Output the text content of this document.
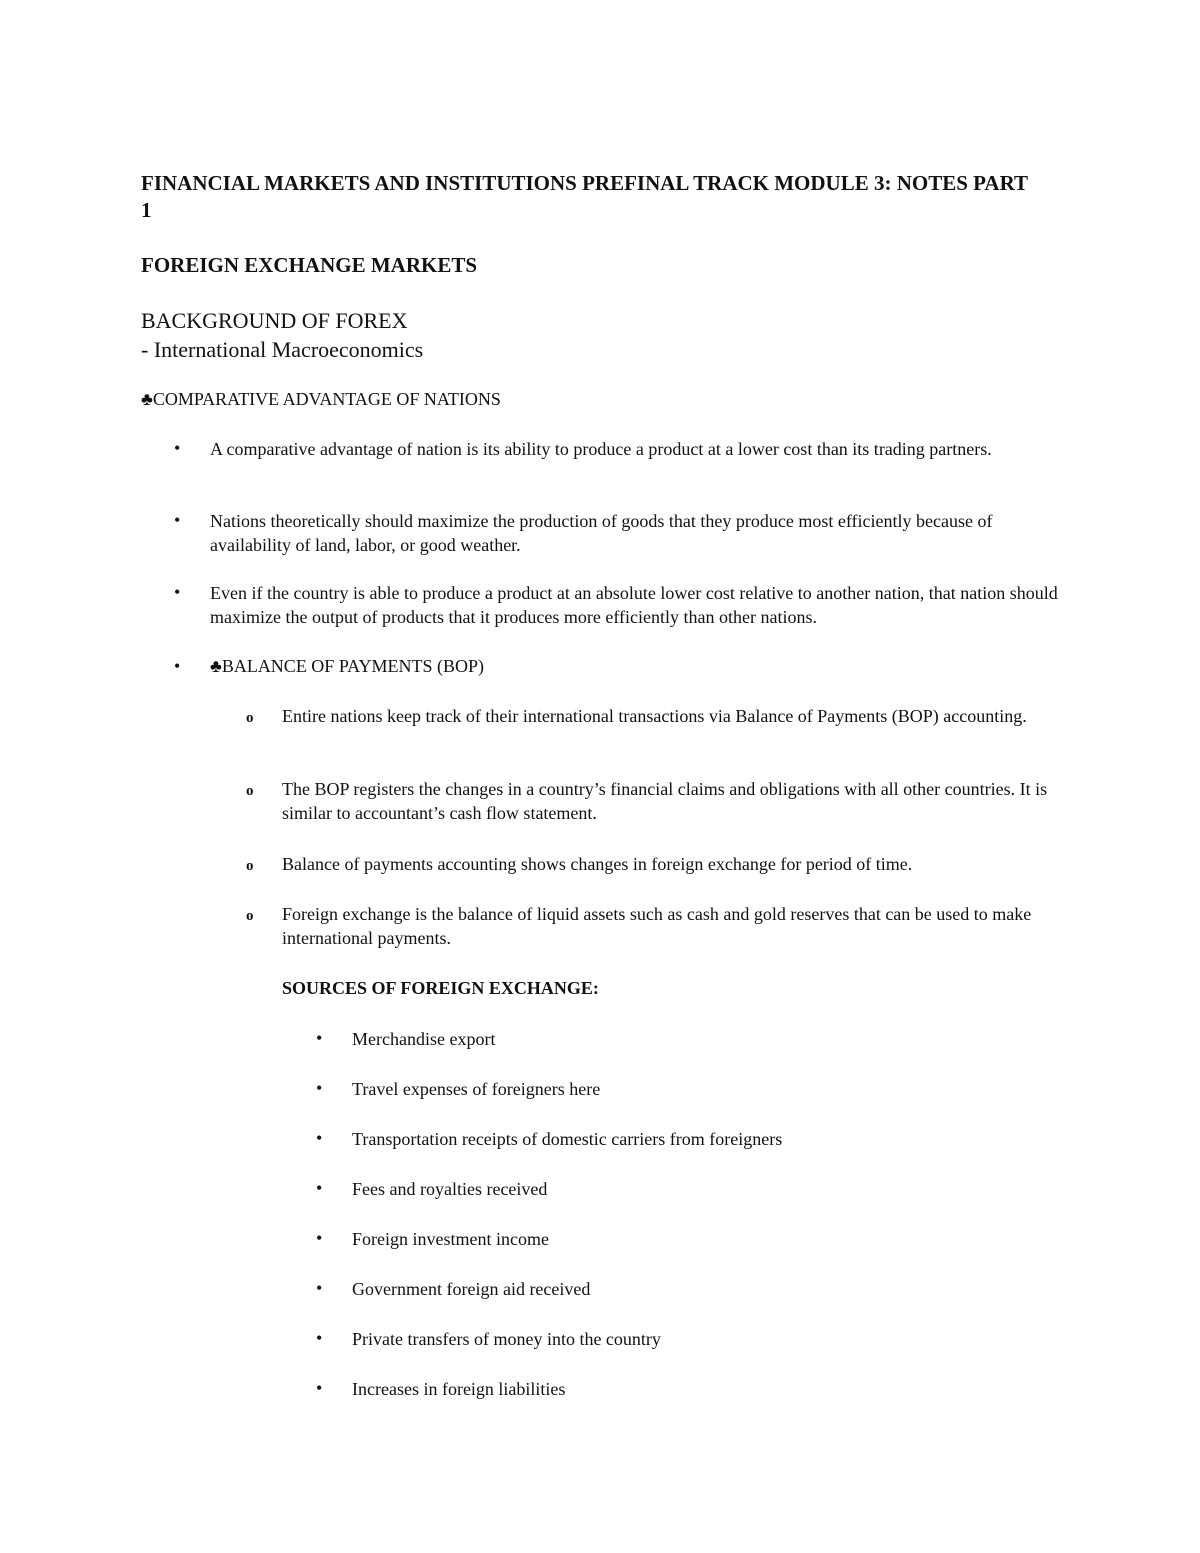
FINANCIAL MARKETS AND INSTITUTIONS PREFINAL TRACK MODULE 3: NOTES PART 1
FOREIGN EXCHANGE MARKETS
BACKGROUND OF FOREX
- International Macroeconomics
♣COMPARATIVE ADVANTAGE OF NATIONS
• A comparative advantage of nation is its ability to produce a product at a lower cost than its trading partners.
• Nations theoretically should maximize the production of goods that they produce most efficiently because of availability of land, labor, or good weather.
• Even if the country is able to produce a product at an absolute lower cost relative to another nation, that nation should maximize the output of products that it produces more efficiently than other nations.
• ♣BALANCE OF PAYMENTS (BOP)
o Entire nations keep track of their international transactions via Balance of Payments (BOP) accounting.
o The BOP registers the changes in a country’s financial claims and obligations with all other countries. It is similar to accountant’s cash flow statement.
o Balance of payments accounting shows changes in foreign exchange for period of time.
o Foreign exchange is the balance of liquid assets such as cash and gold reserves that can be used to make international payments.
SOURCES OF FOREIGN EXCHANGE:
• Merchandise export
• Travel expenses of foreigners here
• Transportation receipts of domestic carriers from foreigners
• Fees and royalties received
• Foreign investment income
• Government foreign aid received
• Private transfers of money into the country
• Increases in foreign liabilities
